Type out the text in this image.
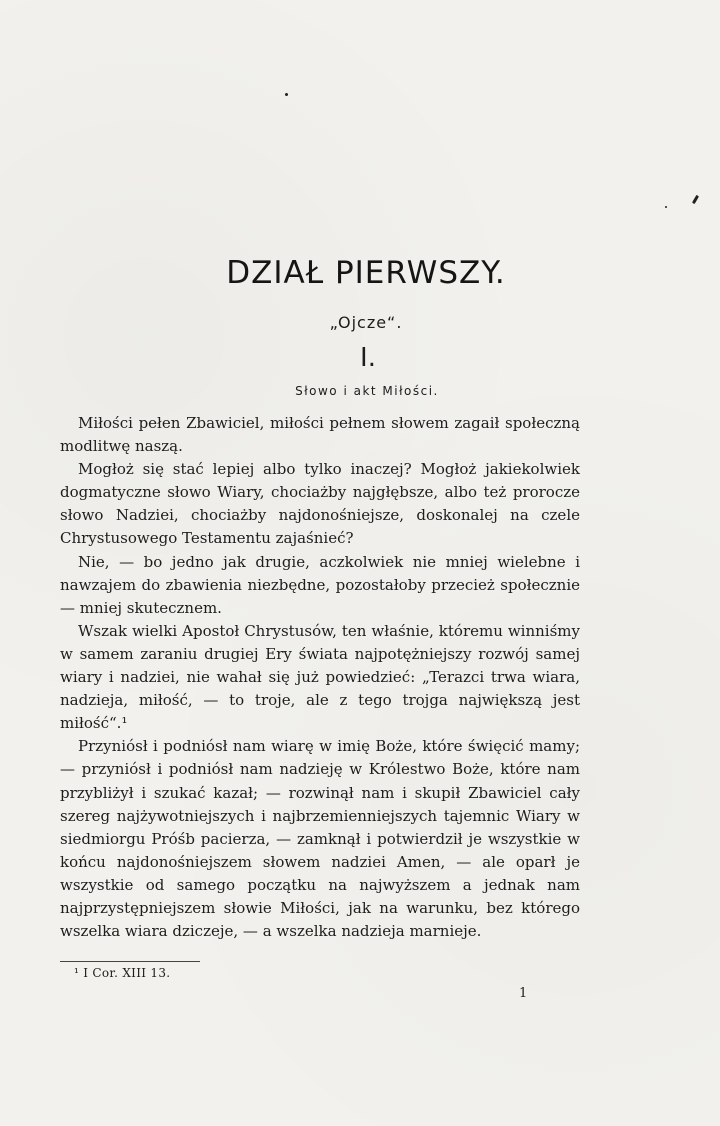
DZIAŁ PIERWSZY.
„Ojcze“.
I.
Słowo i akt Miłości.

Miłości pełen Zbawiciel, miłości pełnem słowem zagaił społeczną modlitwę naszą.

Mogłoż się stać lepiej albo tylko inaczej? Mogłoż jakiekolwiek dogmatyczne słowo Wiary, chociażby najgłębsze, albo też prorocze słowo Nadziei, chociażby najdonośniejsze, doskonalej na czele Chrystusowego Testamentu zajaśnieć?

Nie, — bo jedno jak drugie, aczkolwiek nie mniej wielebne i nawzajem do zbawienia niezbędne, pozostałoby przecież społecznie — mniej skutecznem.

Wszak wielki Apostoł Chrystusów, ten właśnie, któremu winniśmy w samem zaraniu drugiej Ery świata najpotężniejszy rozwój samej wiary i nadziei, nie wahał się już powiedzieć: „Terazci trwa wiara, nadzieja, miłość, — to troje, ale z tego trojga największą jest miłość“.¹

Przyniósł i podniósł nam wiarę w imię Boże, które święcić mamy; — przyniósł i podniósł nam nadzieję w Królestwo Boże, które nam przybliżył i szukać kazał; — rozwinął nam i skupił Zbawiciel cały szereg najżywotniejszych i najbrzemienniejszych tajemnic Wiary w siedmiorgu Próśb pacierza, — zamknął i potwierdził je wszystkie w końcu najdonośniejszem słowem nadziei Amen, — ale oparł je wszystkie od samego początku na najwyższem a jednak nam najprzystępniejszem słowie Miłości, jak na warunku, bez którego wszelka wiara dziczeje, — a wszelka nadzieja marnieje.

¹ I Cor. XIII 13.
1
